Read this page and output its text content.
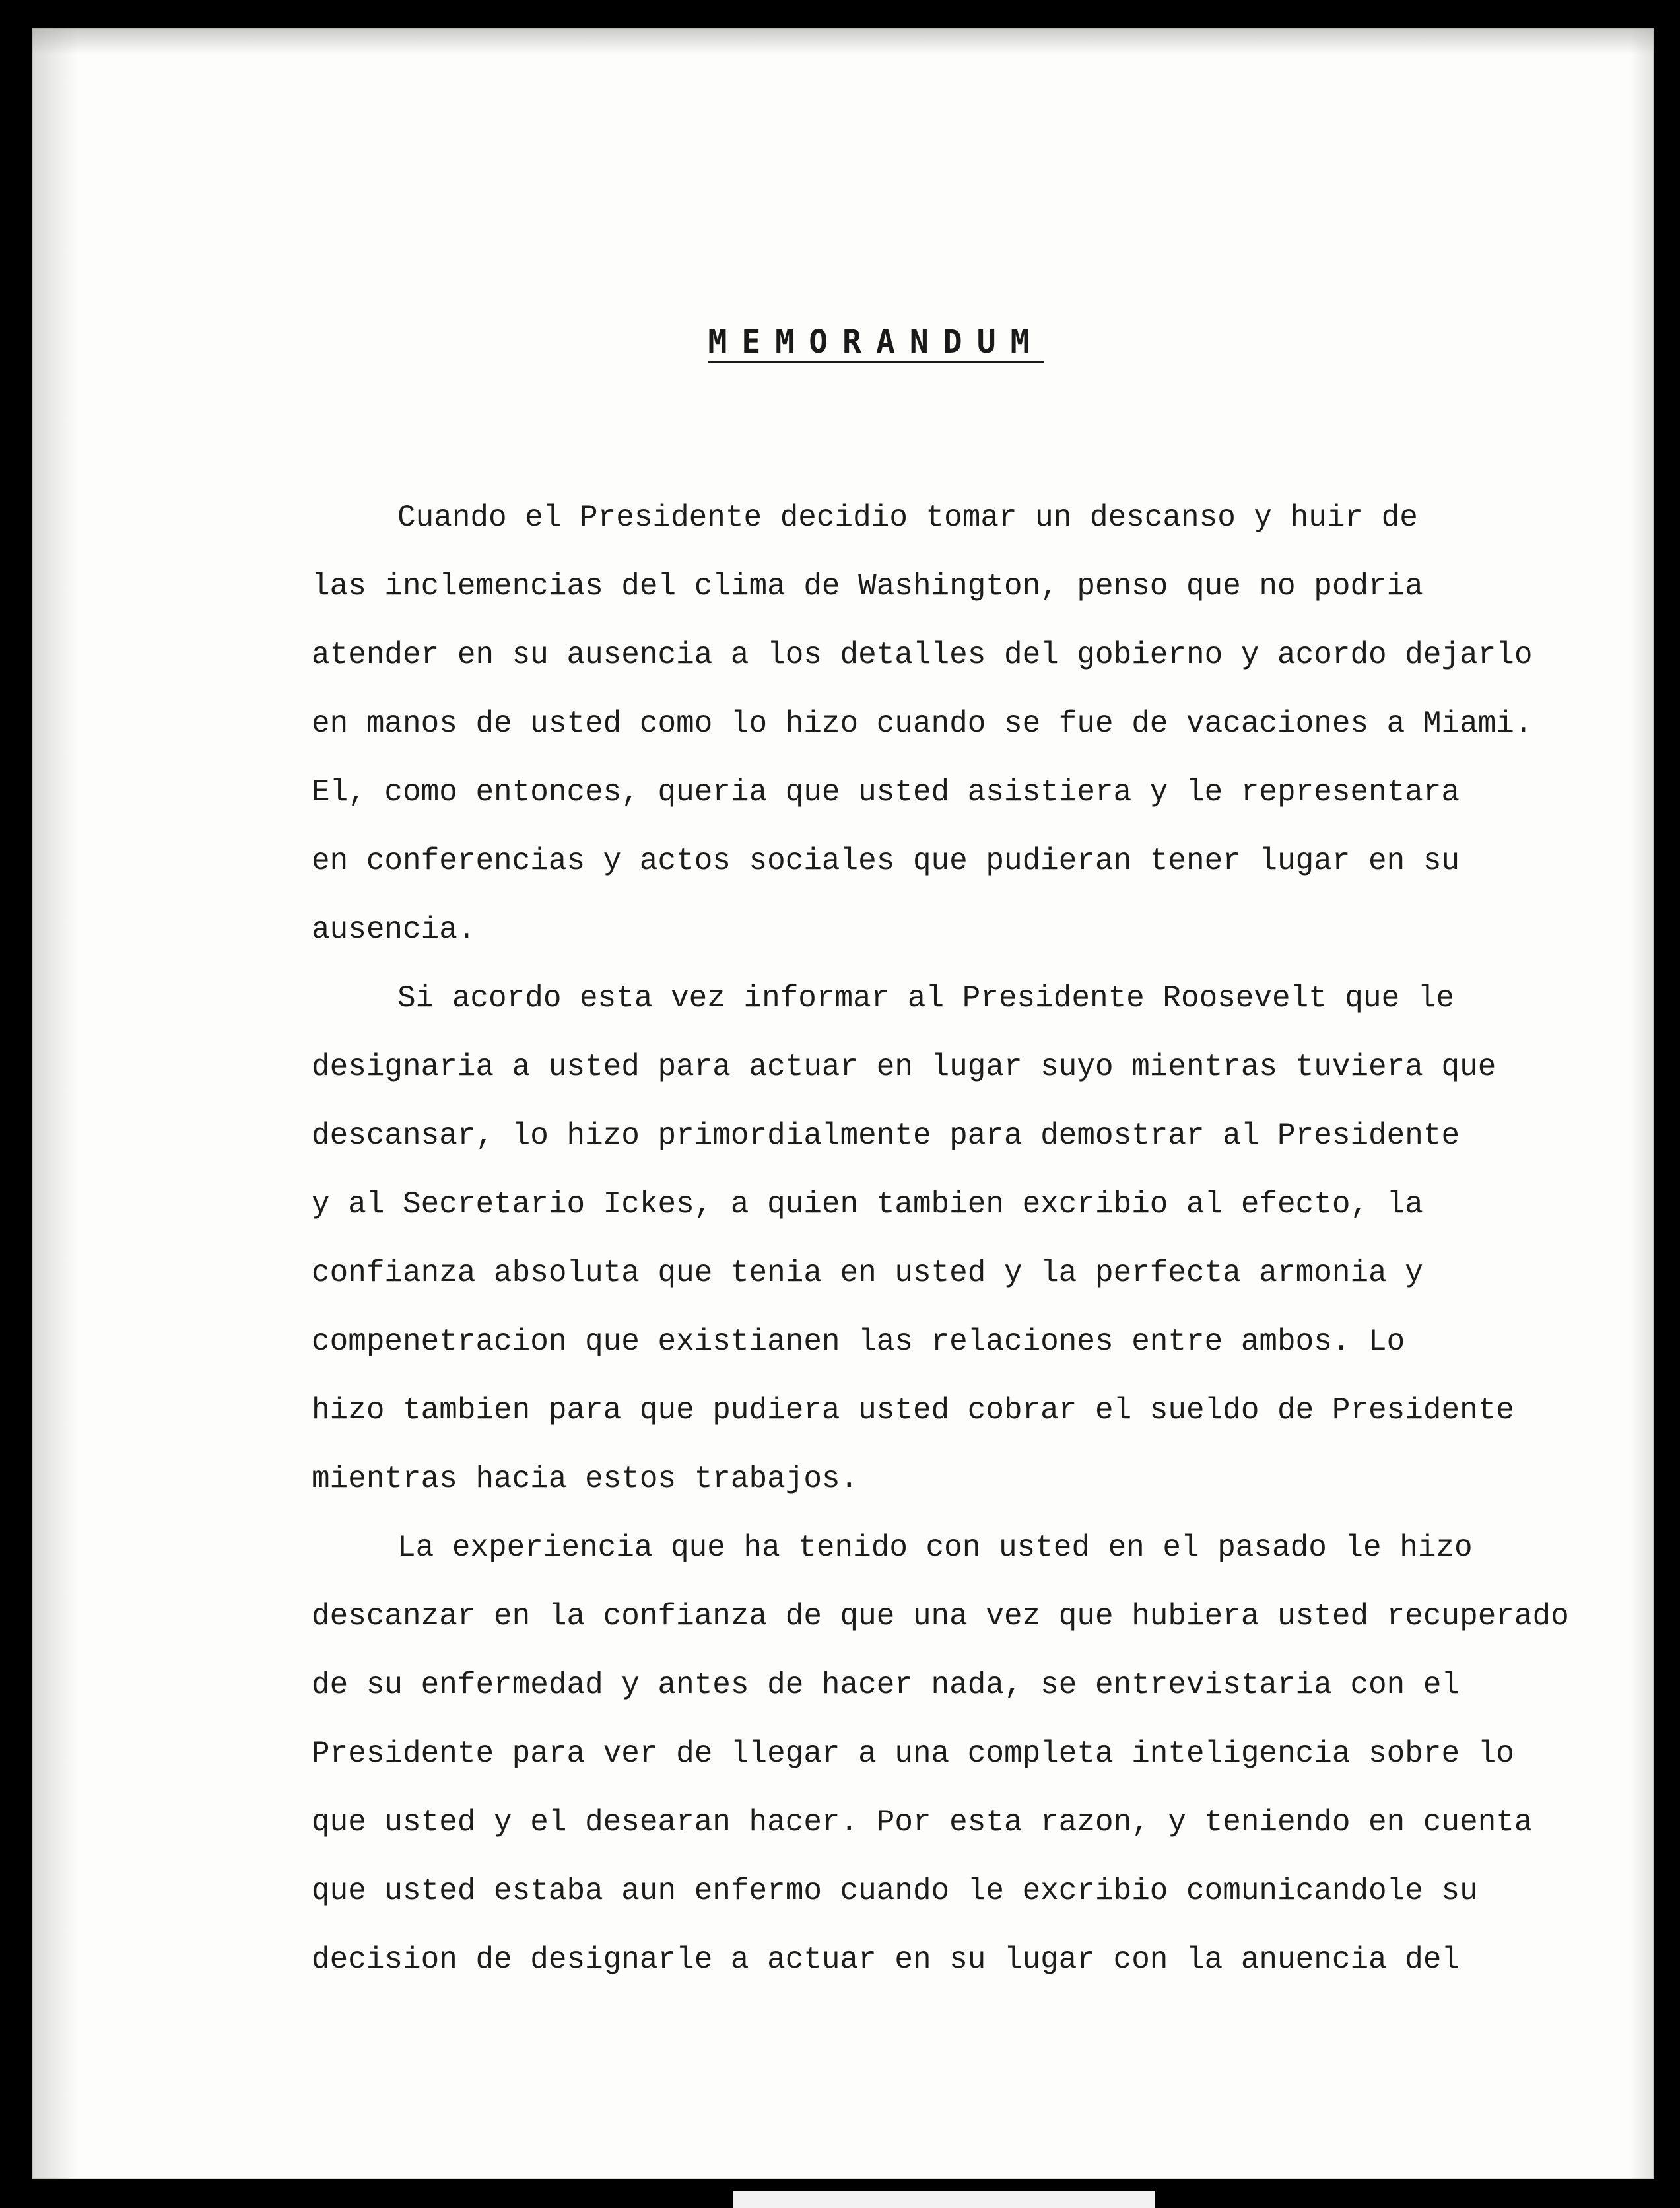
MEMORANDUM
Cuando el Presidente decidio tomar un descanso y huir de
las inclemencias del clima de Washington, penso que no podria
atender en su ausencia a los detalles del gobierno y acordo dejarlo
en manos de usted como lo hizo cuando se fue de vacaciones a Miami.
El, como entonces, queria que usted asistiera y le representara
en conferencias y actos sociales que pudieran tener lugar en su
ausencia.
Si acordo esta vez informar al Presidente Roosevelt que le
designaria a usted para actuar en lugar suyo mientras tuviera que
descansar, lo hizo primordialmente para demostrar al Presidente
y al Secretario Ickes, a quien tambien excribio al efecto, la
confianza absoluta que tenia en usted y la perfecta armonia y
compenetracion que existianen las relaciones entre ambos. Lo
hizo tambien para que pudiera usted cobrar el sueldo de Presidente
mientras hacia estos trabajos.
La experiencia que ha tenido con usted en el pasado le hizo
descanzar en la confianza de que una vez que hubiera usted recuperado
de su enfermedad y antes de hacer nada, se entrevistaria con el
Presidente para ver de llegar a una completa inteligencia sobre lo
que usted y el desearan hacer. Por esta razon, y teniendo en cuenta
que usted estaba aun enfermo cuando le excribio comunicandole su
decision de designarle a actuar en su lugar con la anuencia del
